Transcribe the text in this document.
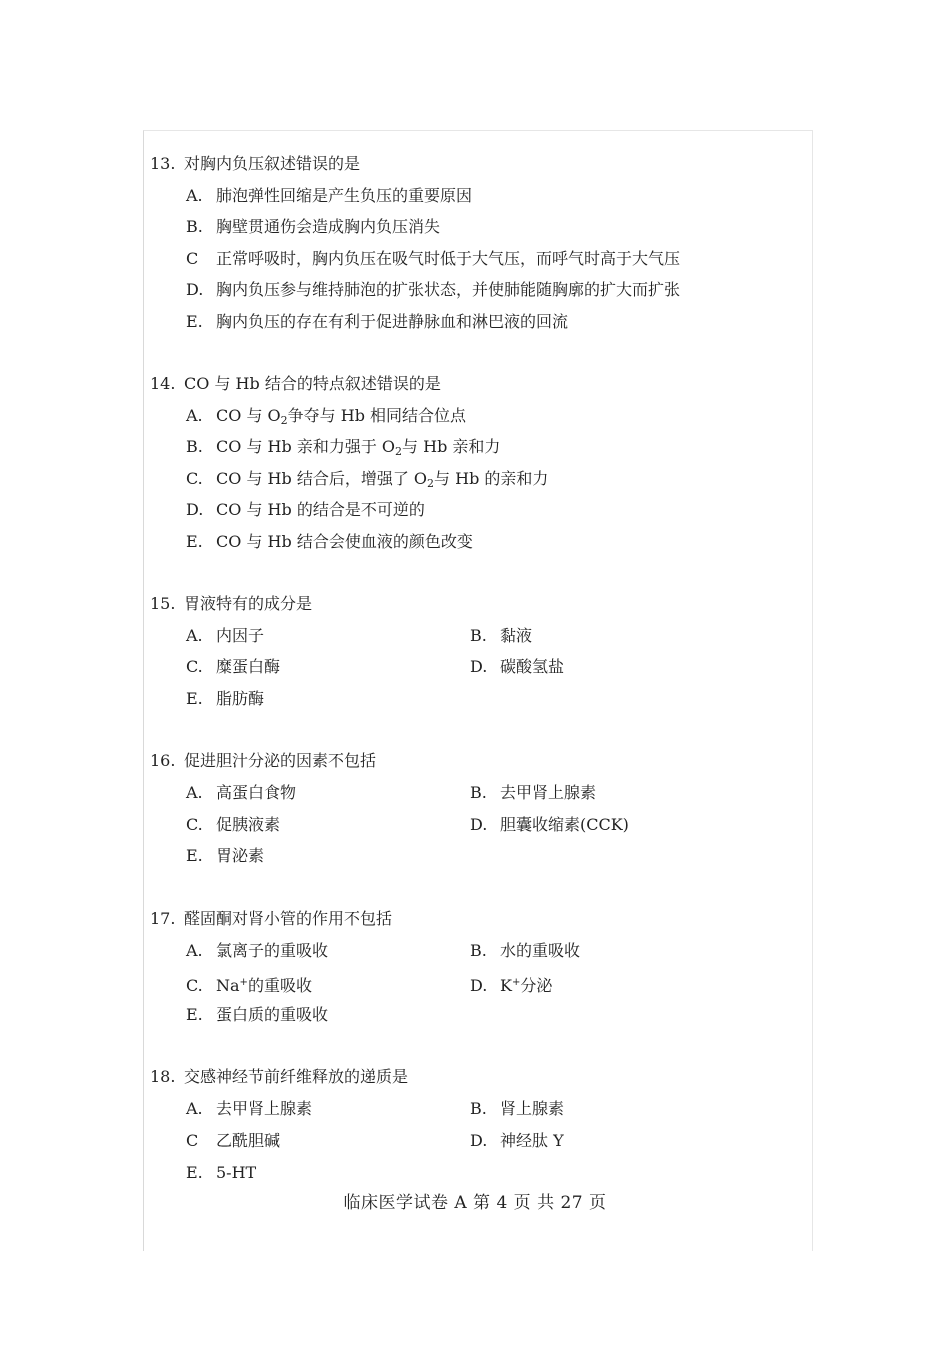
13. 对胸内负压叙述错误的是
A. 肺泡弹性回缩是产生负压的重要原因
B. 胸壁贯通伤会造成胸内负压消失
C 正常呼吸时，胸内负压在吸气时低于大气压，而呼气时高于大气压
D. 胸内负压参与维持肺泡的扩张状态，并使肺能随胸廓的扩大而扩张
E. 胸内负压的存在有利于促进静脉血和淋巴液的回流
14. CO 与 Hb 结合的特点叙述错误的是
A. CO 与 $O_2$争夺与 Hb 相同结合位点
B. CO 与 Hb 亲和力强于 $O_2$与 Hb 亲和力
C. CO 与 Hb 结合后，增强了 $O_2$与 Hb 的亲和力
D. CO 与 Hb 的结合是不可逆的
E. CO 与 Hb 结合会使血液的颜色改变
15. 胃液特有的成分是
A. 内因子	B. 黏液
C. 糜蛋白酶	D. 碳酸氢盐
E. 脂肪酶
16. 促进胆汁分泌的因素不包括
A. 高蛋白食物	B. 去甲肾上腺素
C. 促胰液素	D. 胆囊收缩素(CCK)
E. 胃泌素
17. 醛固酮对肾小管的作用不包括
A. 氯离子的重吸收	B. 水的重吸收
C. Na+的重吸收	D. K+分泌
E. 蛋白质的重吸收
18. 交感神经节前纤维释放的递质是
A. 去甲肾上腺素	B. 肾上腺素
C 乙酰胆碱	D. 神经肽 Y
E. 5-HT
临床医学试卷 A 第 4 页 共 27 页
